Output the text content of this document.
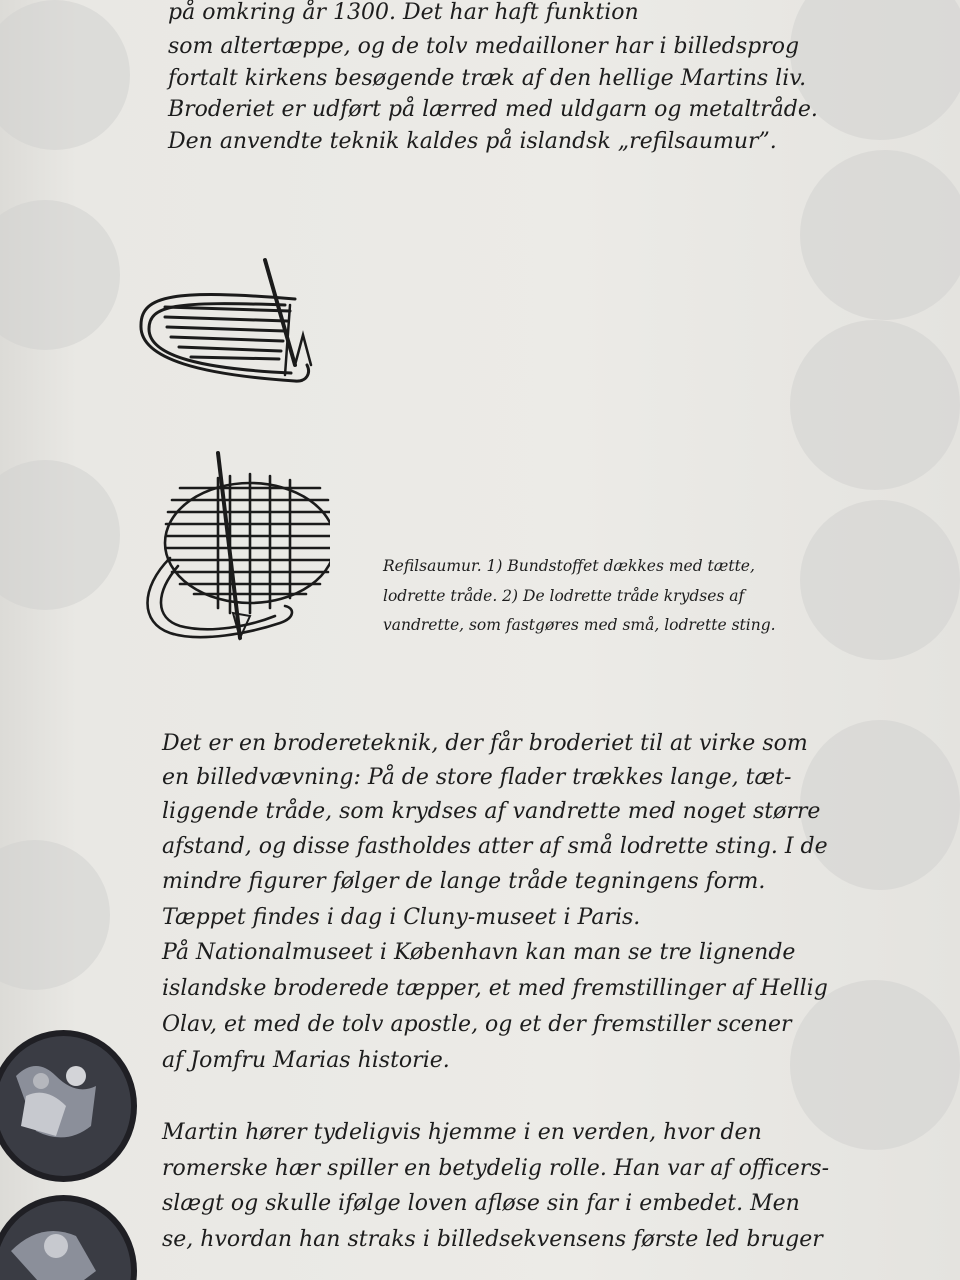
på omkring år 1300. Det har haft funktion
som altertæppe, og de tolv medailloner har i billedsprog
fortalt kirkens besøgende træk af den hellige Martins liv.
Broderiet er udført på lærred med uldgarn og metaltråde.
Den anvendte teknik kaldes på islandsk „refilsaumur”.
Refilsaumur. 1) Bundstoffet dækkes med tætte,
lodrette tråde. 2) De lodrette tråde krydses af
vandrette, som fastgøres med små, lodrette sting.
Det er en brodereteknik, der får broderiet til at virke som
en billedvævning: På de store flader trækkes lange, tæt-
liggende tråde, som krydses af vandrette med noget større
afstand, og disse fastholdes atter af små lodrette sting. I de
mindre figurer følger de lange tråde tegningens form.
Tæppet findes i dag i Cluny-museet i Paris.
På Nationalmuseet i København kan man se tre lignende
islandske broderede tæpper, et med fremstillinger af Hellig
Olav, et med de tolv apostle, og et der fremstiller scener
af Jomfru Marias historie.
Martin hører tydeligvis hjemme i en verden, hvor den
romerske hær spiller en betydelig rolle. Han var af officers-
slægt og skulle ifølge loven afløse sin far i embedet. Men
se, hvordan han straks i billedsekvensens første led bruger
